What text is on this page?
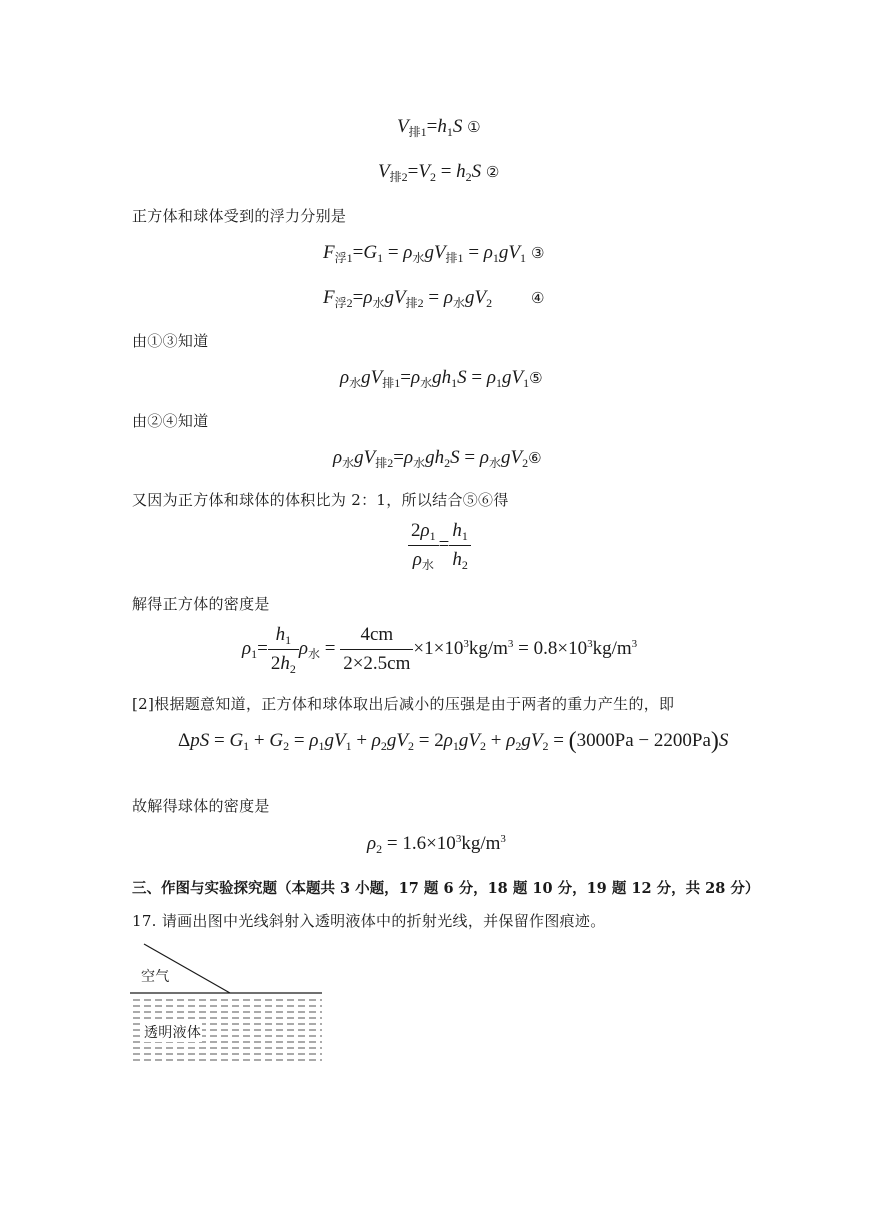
$V_{排1}=h_1S$ ①
$V_{排2}=V_2 = h_2S$ ②
正方体和球体受到的浮力分别是
$F_{浮1}=G_1 = \rho_水gV_{排1} = \rho_1gV_1$ ③
$F_{浮2}=\rho_水gV_{排2} = \rho_水gV_2$	④
由①③知道
$\rho_水gV_{排1}=\rho_水gh_1S$ = $\rho_1gV_1⑤$
由②④知道
$\rho_水gV_{排2}=\rho_水gh_2S$ = $\rho_水gV_2⑥$
又因为正方体和球体的体积比为 2：1，所以结合⑤⑥得
$\frac{2\rho_1}{\rho_水} = \frac{h_1}{h_2}$
解得正方体的密度是
$\rho_1= \frac{h_1}{2h_2} \rho_水 = \frac{4cm}{2\times 2.5cm} \times 1\times 10^3kg/m^3 = 0.8\times 10^3kg/m^3$
[2]根据题意知道，正方体和球体取出后减小的压强是由于两者的重力产生的，即
$\Delta pS = G_1 + G_2 = \rho_1gV_1 + \rho_2gV_2 = 2\rho_1gV_2 + \rho_2gV_2 = (3000Pa - 2200Pa)S$
故解得球体的密度是
$\rho_2 = 1.6\times 10^3kg/m^3$
三、作图与实验探究题（本题共 3 小题，17 题 6 分，18 题 10 分，19 题 12 分，共 28 分）
17. 请画出图中光线斜射入透明液体中的折射光线，并保留作图痕迹。
空气
透明液体
